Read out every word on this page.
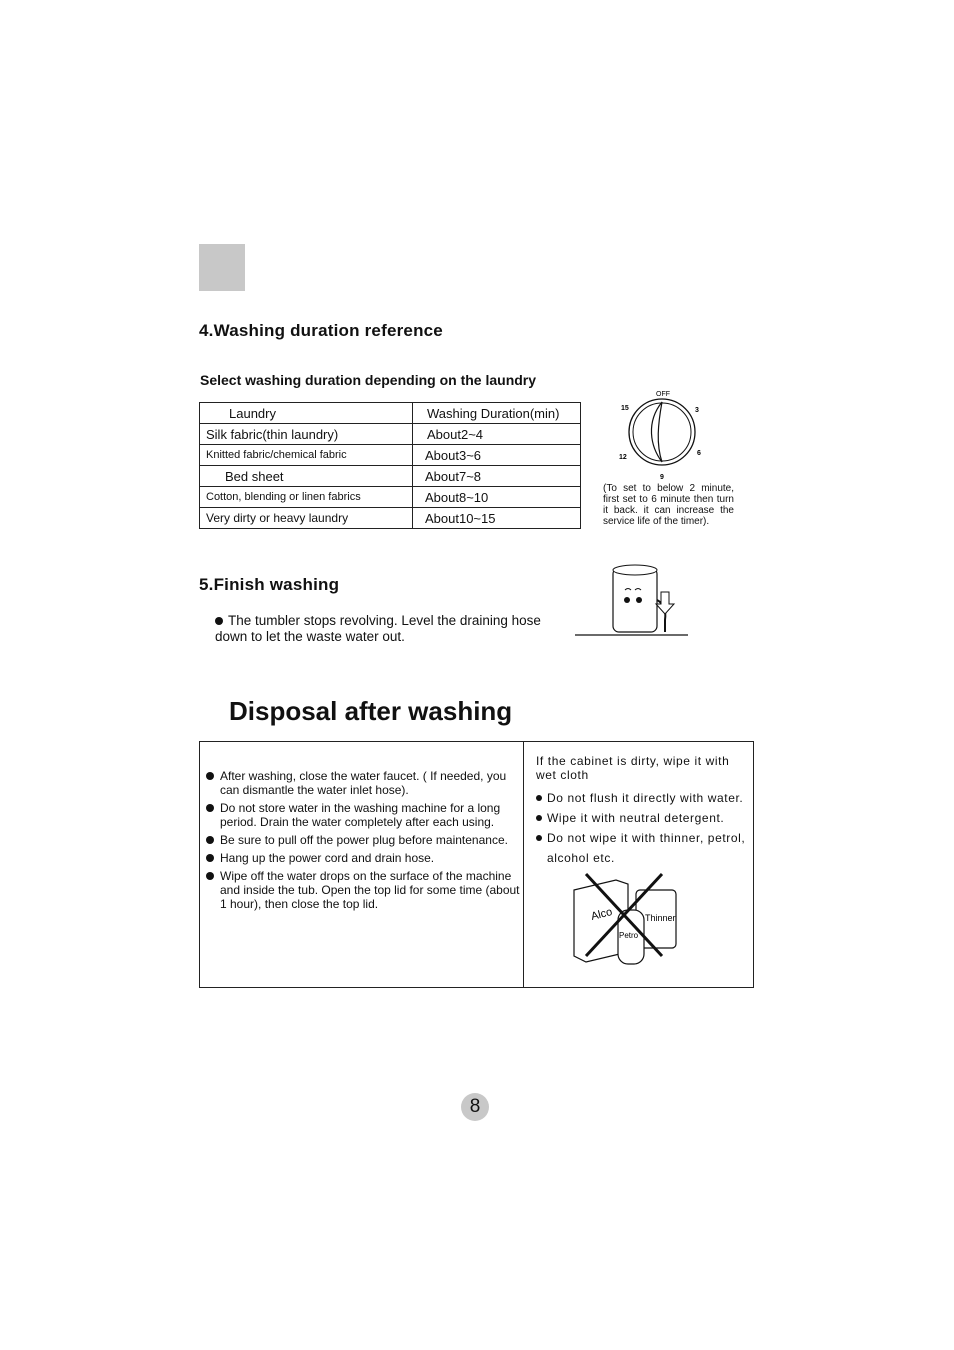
4.Washing duration reference
Select washing duration depending on the laundry
Laundry	Washing Duration(min)
Silk fabric(thin laundry)	About2~4
Knitted fabric/chemical fabric	About3~6
Bed sheet	About7~8
Cotton, blending or linen fabrics	About8~10
Very dirty or heavy laundry	About10~15
OFF
3
6
9
12
15
(To set to below 2 minute, first set to 6 minute then turn it back. it can increase the service life of the timer).
5.Finish washing
The tumbler stops revolving. Level the draining hose down to let the waste water out.
Disposal after washing
After washing, close the water faucet. ( If needed, you can dismantle the water inlet hose).
Do not store water in the washing machine for a long period. Drain the water completely after each using.
Be sure to pull off the power plug before maintenance.
Hang up the power cord and drain hose.
Wipe off the water drops on the surface of the machine and inside the tub. Open the top lid for some time (about 1 hour), then close the top lid.
If the cabinet is dirty, wipe it with wet cloth
Do not flush it directly with water.
Wipe it with neutral detergent.
Do not wipe it with thinner, petrol, alcohol etc.
Alco	Thinner
Petro
8
